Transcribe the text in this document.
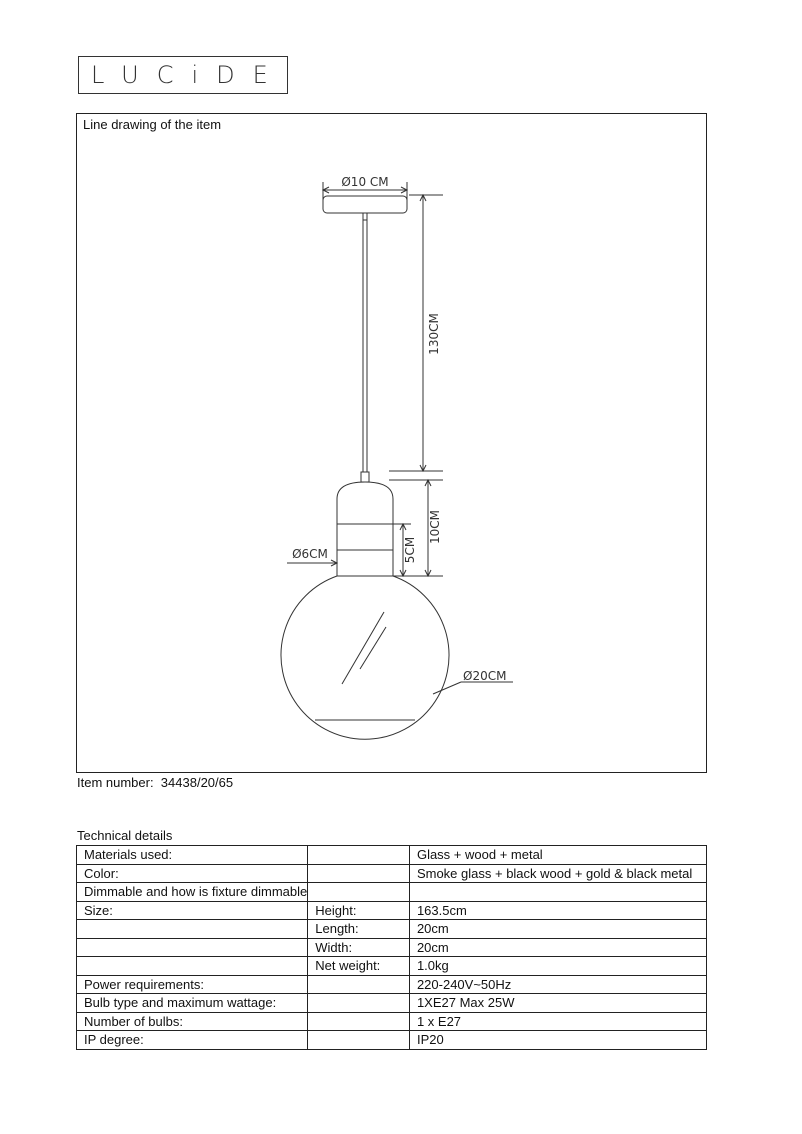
LUCiDE
Line drawing of the item
Ø10 CM
130CM
10CM
5CM
Ø6CM
Ø20CM
Item number:  34438/20/65
Technical details
Materials used:		Glass + wood + metal
Color:		Smoke glass + black wood + gold & black metal
Dimmable and how is fixture dimmable		
Size:	Height:	163.5cm
	Length:	20cm
	Width:	20cm
	Net weight:	1.0kg
Power requirements:		220-240V~50Hz
Bulb type and maximum wattage:		1XE27 Max 25W
Number of bulbs:		1 x E27
IP degree:		IP20
